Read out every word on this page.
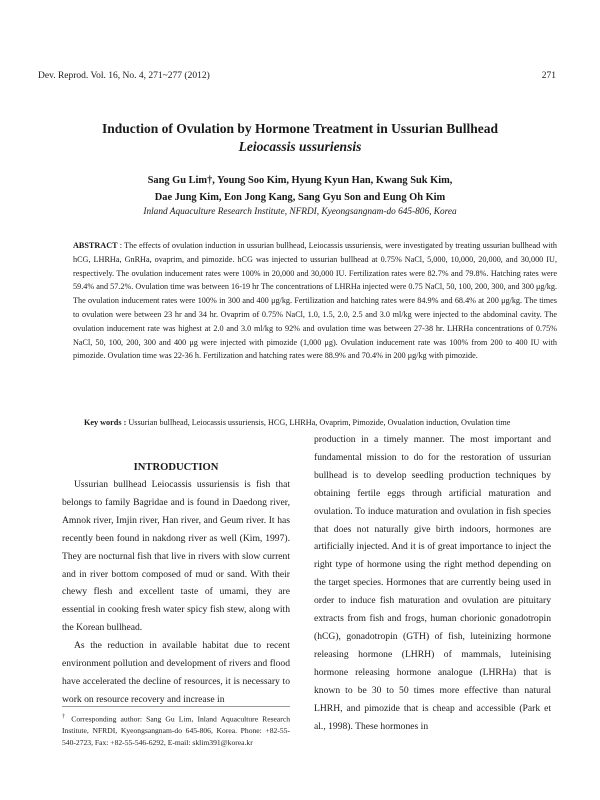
Dev. Reprod. Vol. 16, No. 4, 271~277 (2012)	271
Induction of Ovulation by Hormone Treatment in Ussurian Bullhead
Leiocassis ussuriensis
Sang Gu Lim†, Young Soo Kim, Hyung Kyun Han, Kwang Suk Kim,
Dae Jung Kim, Eon Jong Kang, Sang Gyu Son and Eung Oh Kim
Inland Aquaculture Research Institute, NFRDI, Kyeongsangnam-do 645-806, Korea
ABSTRACT : The effects of ovulation induction in ussurian bullhead, Leiocassis ussuriensis, were investigated by treating ussurian bullhead with hCG, LHRHa, GnRHa, ovaprim, and pimozide. hCG was injected to ussurian bullhead at 0.75% NaCl, 5,000, 10,000, 20,000, and 30,000 IU, respectively. The ovulation inducement rates were 100% in 20,000 and 30,000 IU. Fertilization rates were 82.7% and 79.8%. Hatching rates were 59.4% and 57.2%. Ovulation time was between 16-19 hr The concentrations of LHRHa injected were 0.75 NaCl, 50, 100, 200, 300, and 300 μg/kg. The ovulation inducement rates were 100% in 300 and 400 μg/kg. Fertilization and hatching rates were 84.9% and 68.4% at 200 μg/kg. The times to ovulation were between 23 hr and 34 hr. Ovaprim of 0.75% NaCl, 1.0, 1.5, 2.0, 2.5 and 3.0 ml/kg were injected to the abdominal cavity. The ovulation inducement rate was highest at 2.0 and 3.0 ml/kg to 92% and ovulation time was between 27-38 hr. LHRHa concentrations of 0.75% NaCl, 50, 100, 200, 300 and 400 μg were injected with pimozide (1,000 μg). Ovulation inducement rate was 100% from 200 to 400 IU with pimozide. Ovulation time was 22-36 h. Fertilization and hatching rates were 88.9% and 70.4% in 200 μg/kg with pimozide.
Key words : Ussurian bullhead, Leiocassis ussuriensis, HCG, LHRHa, Ovaprim, Pimozide, Ovualation induction, Ovulation time

INTRODUCTION

Ussurian bullhead Leiocassis ussuriensis is fish that belongs to family Bagridae and is found in Daedong river, Amnok river, Imjin river, Han river, and Geum river. It has recently been found in nakdong river as well (Kim, 1997). They are nocturnal fish that live in rivers with slow current and in river bottom composed of mud or sand. With their chewy flesh and excellent taste of umami, they are essential in cooking fresh water spicy fish stew, along with the Korean bullhead.

As the reduction in available habitat due to recent environment pollution and development of rivers and flood have accelerated the decline of resources, it is necessary to work on resource recovery and increase in

production in a timely manner. The most important and fundamental mission to do for the restoration of ussurian bullhead is to develop seedling production techniques by obtaining fertile eggs through artificial maturation and ovulation. To induce maturation and ovulation in fish species that does not naturally give birth indoors, hormones are artificially injected. And it is of great importance to inject the right type of hormone using the right method depending on the target species. Hormones that are currently being used in order to induce fish maturation and ovulation are pituitary extracts from fish and frogs, human chorionic gonadotropin (hCG), gonadotropin (GTH) of fish, luteinizing hormone releasing hormone (LHRH) of mammals, luteinising hormone releasing hormone analogue (LHRHa) that is known to be 30 to 50 times more effective than natural LHRH, and pimozide that is cheap and accessible (Park et al., 1998). These hormones in

† Corresponding author: Sang Gu Lim, Inland Aquaculture Research Institute, NFRDI, Kyeongsangnam-do 645-806, Korea. Phone: +82-55-540-2723, Fax: +82-55-546-6292, E-mail: sklim391@korea.kr
